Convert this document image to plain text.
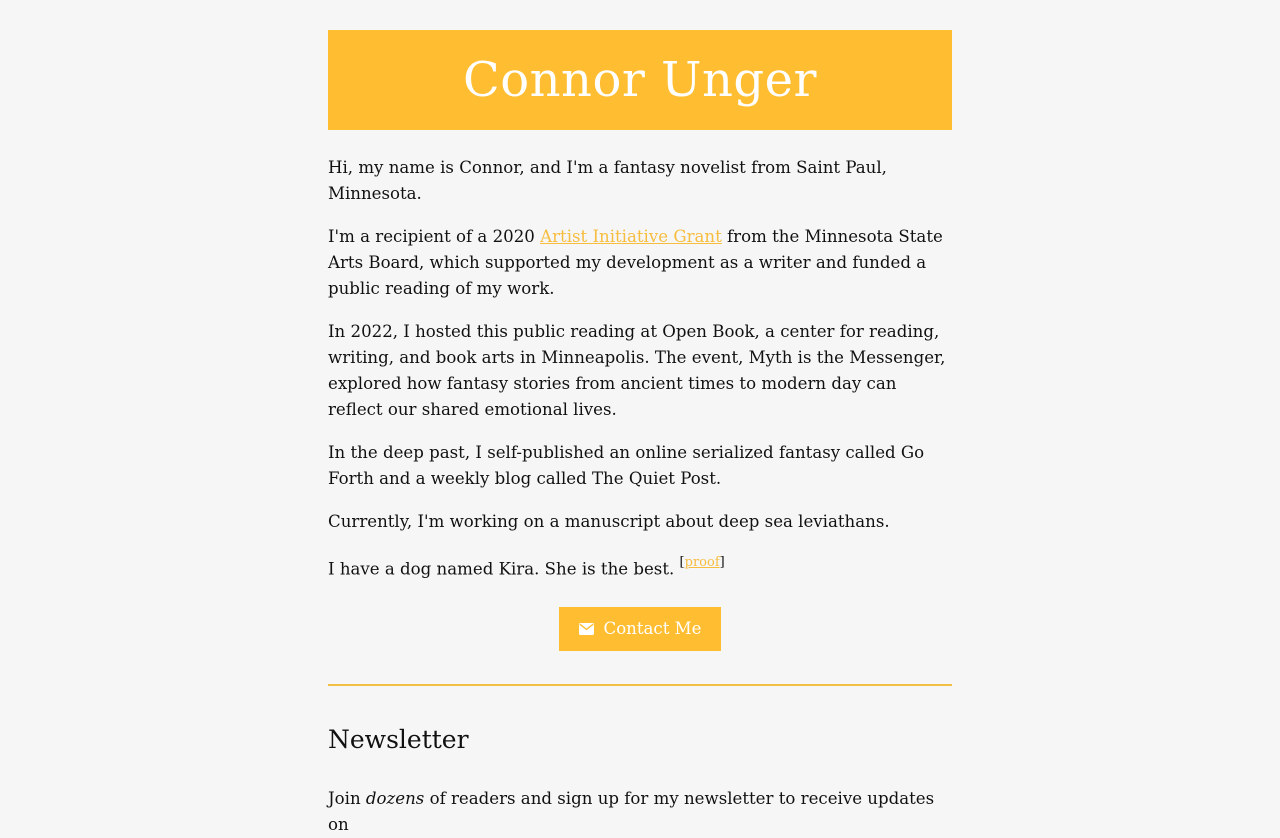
Connor Unger

Hi, my name is Connor, and I'm a fantasy novelist from Saint Paul, Minnesota.

I'm a recipient of a 2020 Artist Initiative Grant from the Minnesota State Arts Board, which supported my development as a writer and funded a public reading of my work.

In 2022, I hosted this public reading at Open Book, a center for reading, writing, and book arts in Minneapolis. The event, Myth is the Messenger, explored how fantasy stories from ancient times to modern day can reflect our shared emotional lives.

In the deep past, I self-published an online serialized fantasy called Go Forth and a weekly blog called The Quiet Post.

Currently, I'm working on a manuscript about deep sea leviathans.

I have a dog named Kira. She is the best. [proof]

Contact Me
Newsletter

Join dozens of readers and sign up for my newsletter to receive updates on
